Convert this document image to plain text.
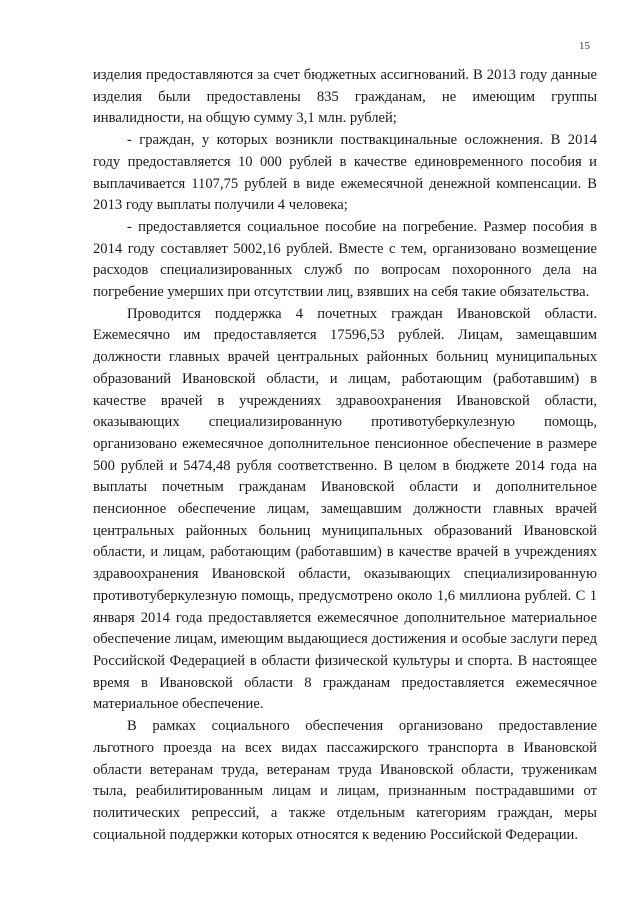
15

изделия предоставляются за счет бюджетных ассигнований. В 2013 году данные изделия были предоставлены 835 гражданам, не имеющим группы инвалидности, на общую сумму 3,1 млн. рублей;

- граждан, у которых возникли поствакцинальные осложнения. В 2014 году предоставляется 10 000 рублей в качестве единовременного пособия и выплачивается 1107,75 рублей в виде ежемесячной денежной компенсации. В 2013 году выплаты получили 4 человека;

- предоставляется социальное пособие на погребение. Размер пособия в 2014 году составляет 5002,16 рублей. Вместе с тем, организовано возмещение расходов специализированных служб по вопросам похоронного дела на погребение умерших при отсутствии лиц, взявших на себя такие обязательства.

Проводится поддержка 4 почетных граждан Ивановской области. Ежемесячно им предоставляется 17596,53 рублей. Лицам, замещавшим должности главных врачей центральных районных больниц муниципальных образований Ивановской области, и лицам, работающим (работавшим) в качестве врачей в учреждениях здравоохранения Ивановской области, оказывающих специализированную противотуберкулезную помощь, организовано ежемесячное дополнительное пенсионное обеспечение в размере 500 рублей и 5474,48 рубля соответственно. В целом в бюджете 2014 года на выплаты почетным гражданам Ивановской области и дополнительное пенсионное обеспечение лицам, замещавшим должности главных врачей центральных районных больниц муниципальных образований Ивановской области, и лицам, работающим (работавшим) в качестве врачей в учреждениях здравоохранения Ивановской области, оказывающих специализированную противотуберкулезную помощь, предусмотрено около 1,6 миллиона рублей. С 1 января 2014 года предоставляется ежемесячное дополнительное материальное обеспечение лицам, имеющим выдающиеся достижения и особые заслуги перед Российской Федерацией в области физической культуры и спорта. В настоящее время в Ивановской области 8 гражданам предоставляется ежемесячное материальное обеспечение.

В рамках социального обеспечения организовано предоставление льготного проезда на всех видах пассажирского транспорта в Ивановской области ветеранам труда, ветеранам труда Ивановской области, труженикам тыла, реабилитированным лицам и лицам, признанным пострадавшими от политических репрессий, а также отдельным категориям граждан, меры социальной поддержки которых относятся к ведению Российской Федерации.
